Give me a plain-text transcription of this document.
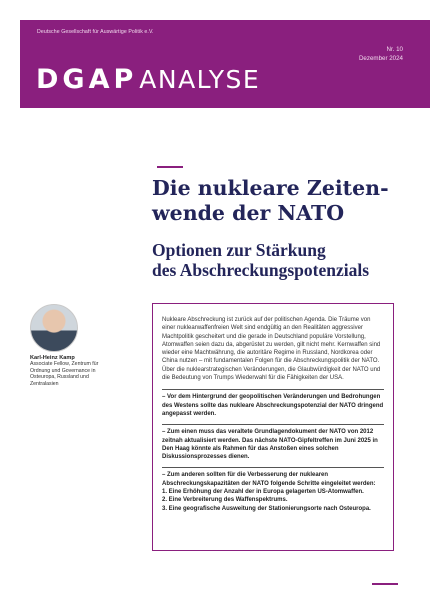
Deutsche Gesellschaft für Auswärtige Politik e.V.
Nr. 10
Dezember 2024
DGAPANALYSE
Die nukleare Zeiten-
wende der NATO
Optionen zur Stärkung
des Abschreckungspotenzials
Karl-Heinz Kamp
Associate Fellow, Zentrum für Ordnung und Governance in Osteuropa, Russland und Zentralasien

Nukleare Abschreckung ist zurück auf der politischen Agenda. Die Träume von einer nuklearwaffenfreien Welt sind endgültig an den Realitäten aggressiver Machtpolitik gescheitert und die gerade in Deutschland populäre Vorstellung, Atomwaffen seien dazu da, abgerüstet zu werden, gilt nicht mehr. Kernwaffen sind wieder eine Machtwährung, die autoritäre Regime in Russland, Nordkorea oder China nutzen – mit fundamentalen Folgen für die Abschreckungspolitik der NATO. Über die nuklearstrategischen Veränderungen, die Glaubwürdigkeit der NATO und die Bedeutung von Trumps Wiederwahl für die Fähigkeiten der USA.

– Vor dem Hintergrund der geopolitischen Veränderungen und Bedrohungen des Westens sollte das nukleare Abschreckungspotenzial der NATO dringend angepasst werden.

– Zum einen muss das veraltete Grundlagendokument der NATO von 2012 zeitnah aktualisiert werden. Das nächste NATO-Gipfeltreffen im Juni 2025 in Den Haag könnte als Rahmen für das Anstoßen eines solchen Diskussionsprozesses dienen.

– Zum anderen sollten für die Verbesserung der nuklearen Abschreckungskapazitäten der NATO folgende Schritte eingeleitet werden:

1. Eine Erhöhung der Anzahl der in Europa gelagerten US-Atomwaffen.
2. Eine Verbreiterung des Waffenspektrums.
3. Eine geografische Ausweitung der Stationierungsorte nach Osteuropa.
